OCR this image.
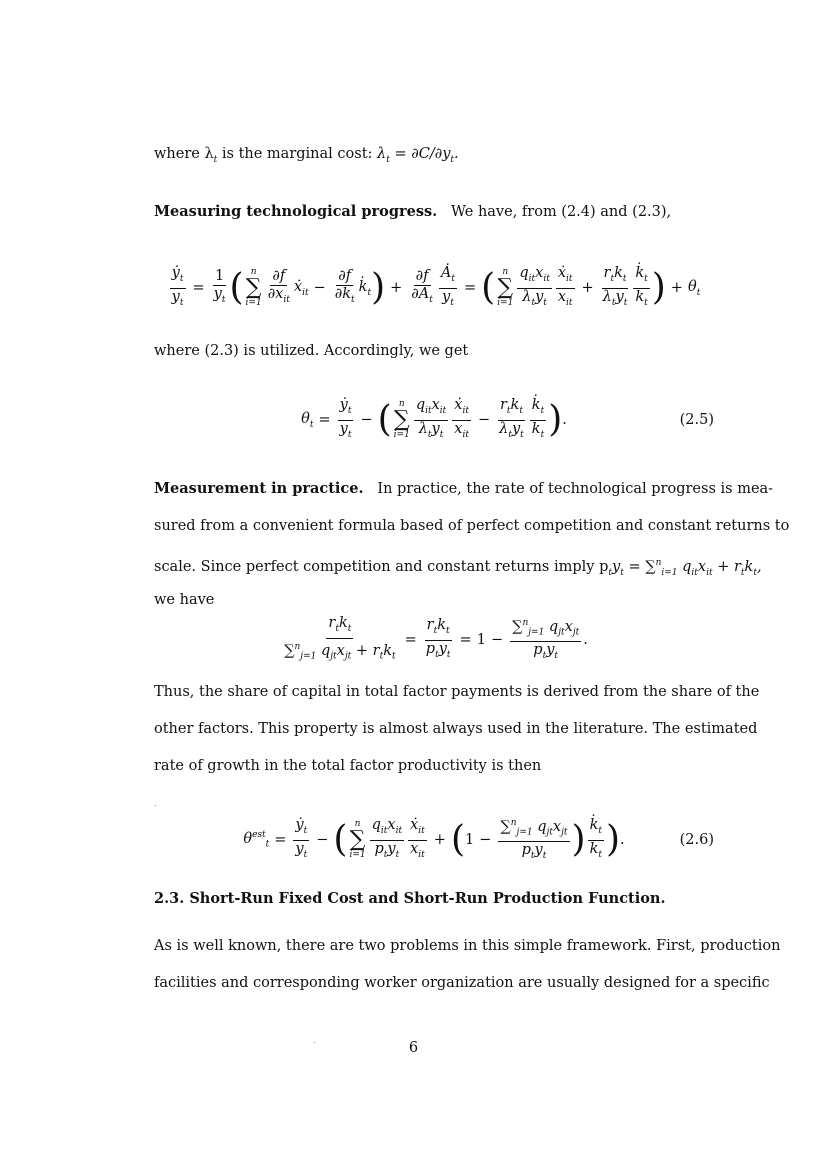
where $\lambda_t$ is the marginal cost: $\lambda_t = \partial C/\partial y_t$.
Measuring technological progress. We have, from (2.4) and (2.3),
$\frac{ẏ_t}{y_t} = \frac{1}{y_t}$ ( n
∑
$i=1 \frac{\partial f}{\partial x_{it}}$ ẋ$_{it}$ − $\frac{\partial f}{\partial k_t}$ $k̇_t$ ) + $\frac{\partial f}{\partial A_t} \frac{Ȧ_t}{y_t}$ = ( n
∑
$i=1 \frac{q_{it}x_{it}}{\lambda_ty_t} \frac{ẋ_{it}}{x_{it}} + \frac{r_tk_t}{\lambda_ty_t} \frac{k̇_t}{k_t}$ ) + $\theta_t$
where (2.3) is utilized. Accordingly, we get
$\theta_t = \frac{ẏ_t}{y_t}$ − ( n
∑
$i=1 \frac{q_{it}x_{it}}{\lambda_ty_t} \frac{ẋ_{it}}{x_{it}} - \frac{r_tk_t}{\lambda_ty_t} \frac{k̇_t}{k_t}$ ) .	(2.5)
Measurement in practice. In practice, the rate of technological progress is mea-
sured from a convenient formula based of perfect competition and constant returns to
scale. Since perfect competition and constant returns imply $p_ty_t = \sum^n_{i=1}$ $q_{it}x_{it} + r_tk_t$,
we have
$\frac{r_tk_t}{\sum^n_{j=1} q_{jt}x_{jt} + r_tk_t} = \frac{r_tk_t}{p_ty_t} = 1 - \frac{\sum^n_{j=1} q_{jt}x_{jt}}{p_ty_t}$ .
Thus, the share of capital in total factor payments is derived from the share of the
other factors. This property is almost always used in the literature. The estimated
rate of growth in the total factor productivity is then
$\theta^{est}_t = \frac{ẏ_t}{y_t}$ − ( n
∑
$i=1 \frac{q_{it}x_{it}}{p_ty_t} \frac{ẋ_{it}}{x_{it}}$ + ( $1 - \frac{\sum^n_{j=1} q_{jt}x_{jt}}{p_ty_t}$ ) $\frac{k̇_t}{k_t}$ ) .	(2.6)
2.3. Short-Run Fixed Cost and Short-Run Production Function.
As is well known, there are two problems in this simple framework. First, production
facilities and corresponding worker organization are usually designed for a specific
6
